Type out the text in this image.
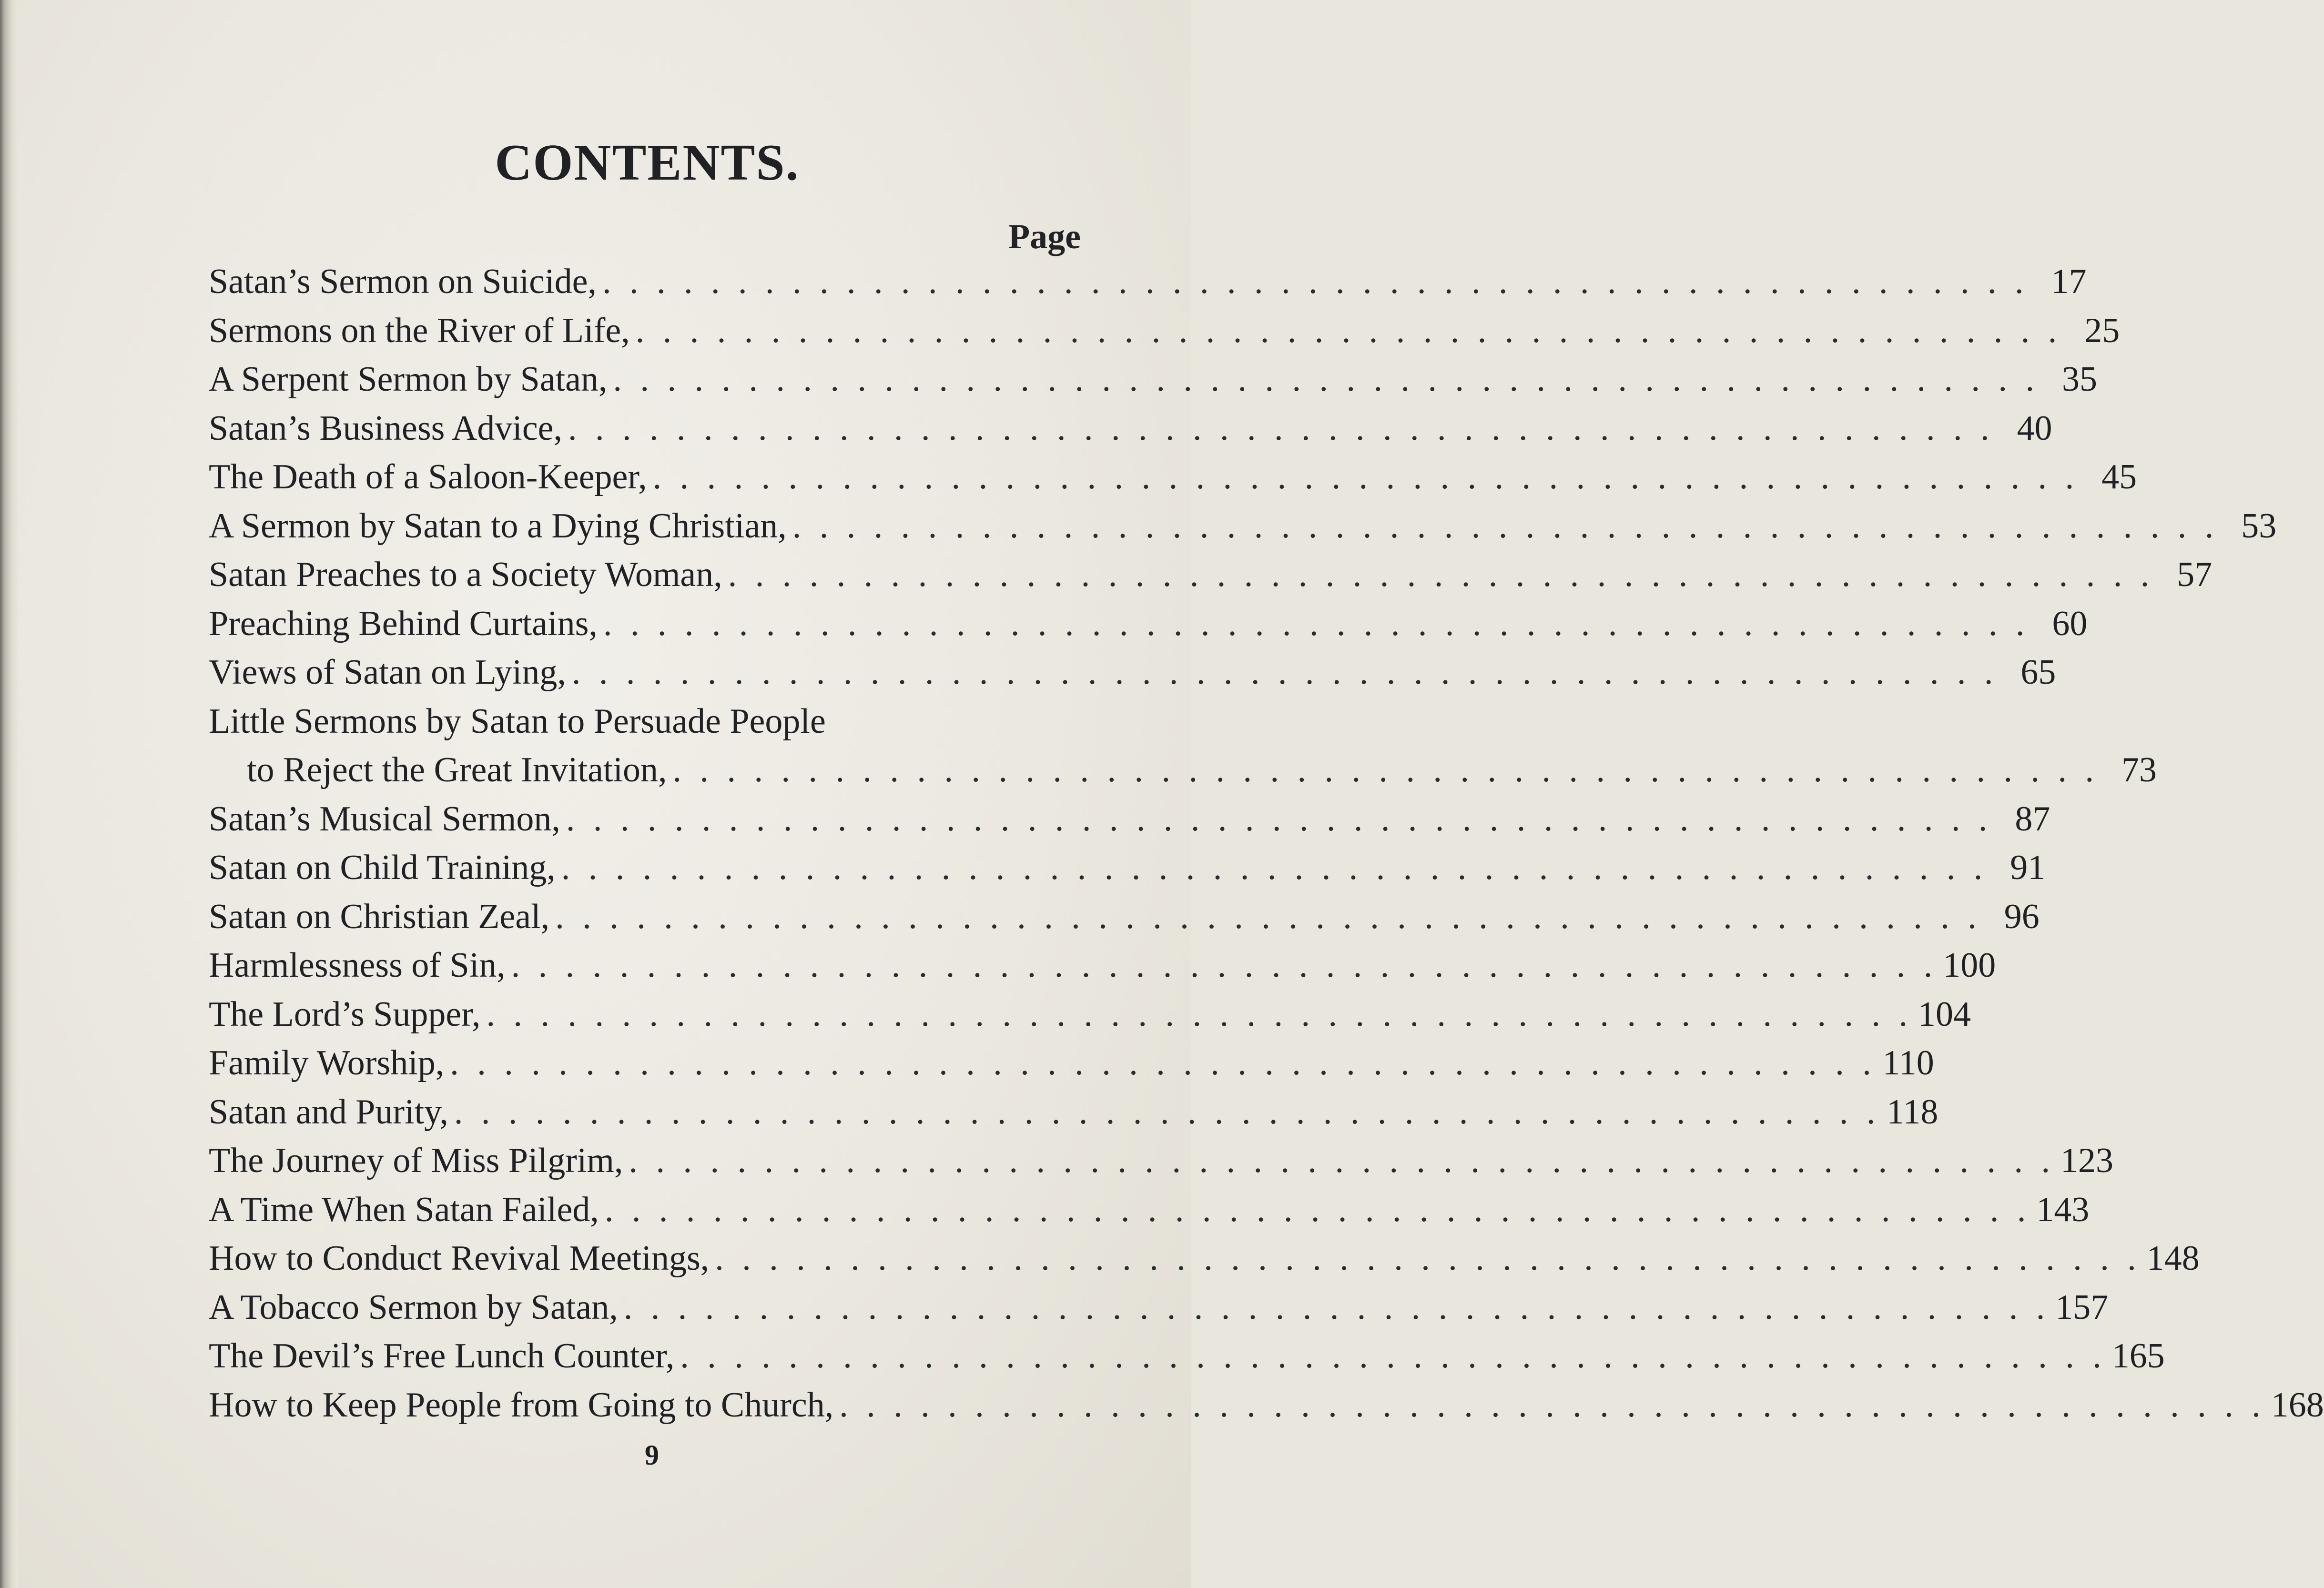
CONTENTS.
Page
Satan’s Sermon on Suicide, . . . . . . . . . . . . . . . . . . . . . . . . . . . . . . . . . . . . . . . . . . . . . . . . . . . . . 17
Sermons on the River of Life, . . . . . . . . . . . . . . . . . . . . . . . . . . . . . . . . . . . . . . . . . . . . . . . . . . . . . 25
A Serpent Sermon by Satan, . . . . . . . . . . . . . . . . . . . . . . . . . . . . . . . . . . . . . . . . . . . . . . . . . . . . . 35
Satan’s Business Advice, . . . . . . . . . . . . . . . . . . . . . . . . . . . . . . . . . . . . . . . . . . . . . . . . . . . . . 40
The Death of a Saloon-Keeper, . . . . . . . . . . . . . . . . . . . . . . . . . . . . . . . . . . . . . . . . . . . . . . . . . . . . . 45
A Sermon by Satan to a Dying Christian, . . . . . . . . . . . . . . . . . . . . . . . . . . . . . . . . . . . . . . . . . . . . . . . . . . . . . 53
Satan Preaches to a Society Woman, . . . . . . . . . . . . . . . . . . . . . . . . . . . . . . . . . . . . . . . . . . . . . . . . . . . . . 57
Preaching Behind Curtains, . . . . . . . . . . . . . . . . . . . . . . . . . . . . . . . . . . . . . . . . . . . . . . . . . . . . . 60
Views of Satan on Lying, . . . . . . . . . . . . . . . . . . . . . . . . . . . . . . . . . . . . . . . . . . . . . . . . . . . . . 65
Little Sermons by Satan to Persuade People
to Reject the Great Invitation, . . . . . . . . . . . . . . . . . . . . . . . . . . . . . . . . . . . . . . . . . . . . . . . . . . . . . 73
Satan’s Musical Sermon, . . . . . . . . . . . . . . . . . . . . . . . . . . . . . . . . . . . . . . . . . . . . . . . . . . . . . 87
Satan on Child Training, . . . . . . . . . . . . . . . . . . . . . . . . . . . . . . . . . . . . . . . . . . . . . . . . . . . . . 91
Satan on Christian Zeal, . . . . . . . . . . . . . . . . . . . . . . . . . . . . . . . . . . . . . . . . . . . . . . . . . . . . . 96
Harmlessness of Sin, . . . . . . . . . . . . . . . . . . . . . . . . . . . . . . . . . . . . . . . . . . . . . . . . . . . . . 100
The Lord’s Supper, . . . . . . . . . . . . . . . . . . . . . . . . . . . . . . . . . . . . . . . . . . . . . . . . . . . . . 104
Family Worship, . . . . . . . . . . . . . . . . . . . . . . . . . . . . . . . . . . . . . . . . . . . . . . . . . . . . . 110
Satan and Purity, . . . . . . . . . . . . . . . . . . . . . . . . . . . . . . . . . . . . . . . . . . . . . . . . . . . . . 118
The Journey of Miss Pilgrim, . . . . . . . . . . . . . . . . . . . . . . . . . . . . . . . . . . . . . . . . . . . . . . . . . . . . . 123
A Time When Satan Failed, . . . . . . . . . . . . . . . . . . . . . . . . . . . . . . . . . . . . . . . . . . . . . . . . . . . . . 143
How to Conduct Revival Meetings, . . . . . . . . . . . . . . . . . . . . . . . . . . . . . . . . . . . . . . . . . . . . . . . . . . . . . 148
A Tobacco Sermon by Satan, . . . . . . . . . . . . . . . . . . . . . . . . . . . . . . . . . . . . . . . . . . . . . . . . . . . . . 157
The Devil’s Free Lunch Counter, . . . . . . . . . . . . . . . . . . . . . . . . . . . . . . . . . . . . . . . . . . . . . . . . . . . . . 165
How to Keep People from Going to Church, . . . . . . . . . . . . . . . . . . . . . . . . . . . . . . . . . . . . . . . . . . . . . . . . . . . . . 168
9
